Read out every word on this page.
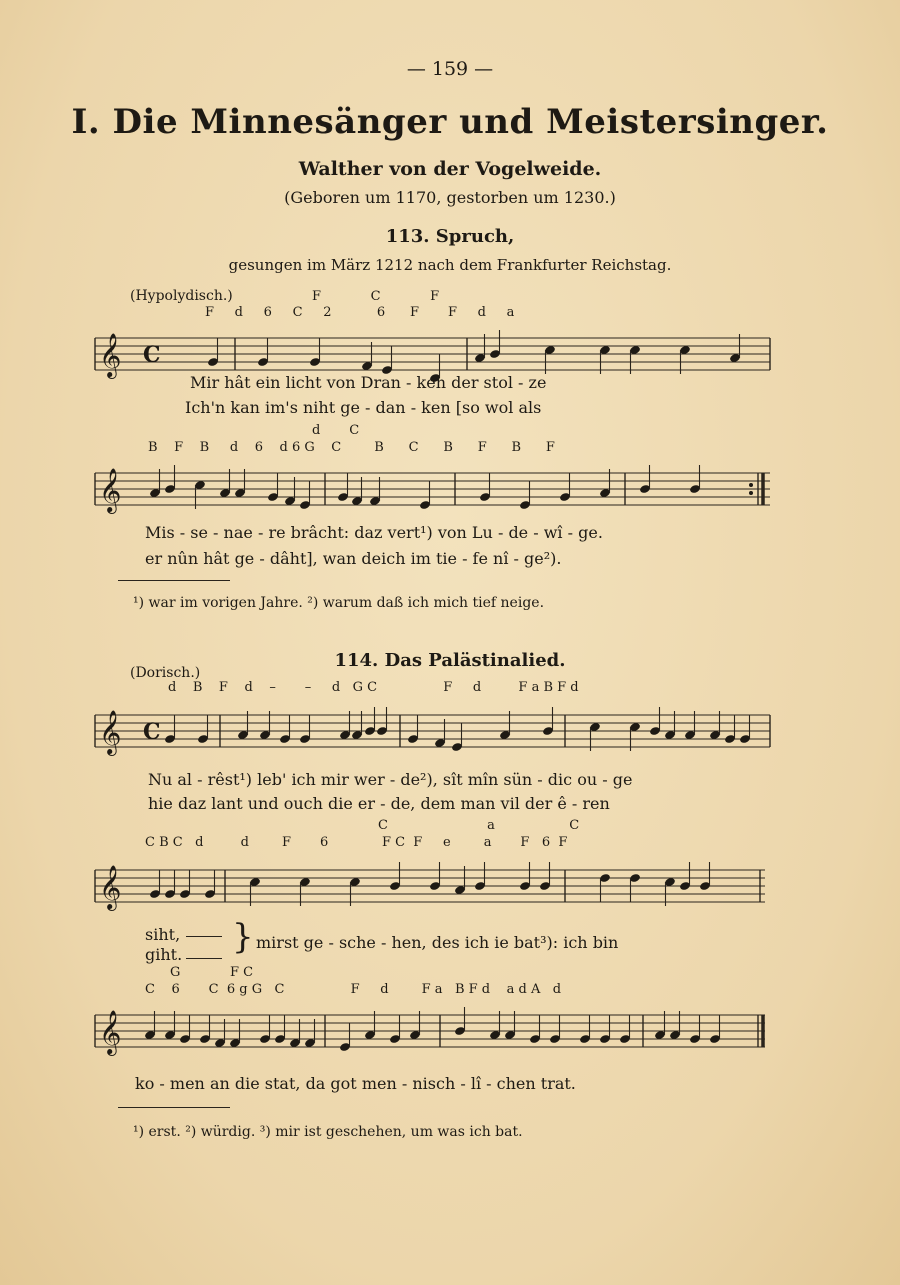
— 159 —
I. Die Minnesänger und Meistersinger.
Walther von der Vogelweide.
(Geboren um 1170, gestorben um 1230.)
113. Spruch,
gesungen im März 1212 nach dem Frankfurter Reichstag.
(Hypolydisch.)	F            C            F
F     d     6     C     2           6      F       F     d     a
𝄞 C
Mir hât ein licht von Dran - ken der stol - ze
Ich'n kan im's niht ge - dan - ken [so wol als
d       C
B    F    B     d    6    d 6 G    C        B      C      B      F      B      F
𝄞
Mis - se - nae - re brâcht: daz vert¹) von Lu - de - wî - ge.
er nûn hât ge - dâht], wan deich im tie - fe nî - ge²).
¹) war im vorigen Jahre. ²) warum daß ich mich tief neige.
114. Das Palästinalied.
(Dorisch.)
d    B    F    d    –       –     d   G C                F     d         F a B F d
𝄞 C
Nu al - rêst¹) leb' ich mir wer - de²), sît mîn sün - dic ou - ge
hie daz lant und ouch die er - de, dem man vil der ê - ren
C                        a                  C
C B C   d         d        F       6             F C  F     e        a       F   6  F
𝄞
siht,
giht. } mirst ge - sche - hen, des ich ie bat³): ich bin
G            F C
C    6       C  6 g G   C                F     d        F a   B F d    a d A   d
𝄞
ko - men an die stat, da got men - nisch - lî - chen trat.
¹) erst. ²) würdig. ³) mir ist geschehen, um was ich bat.
